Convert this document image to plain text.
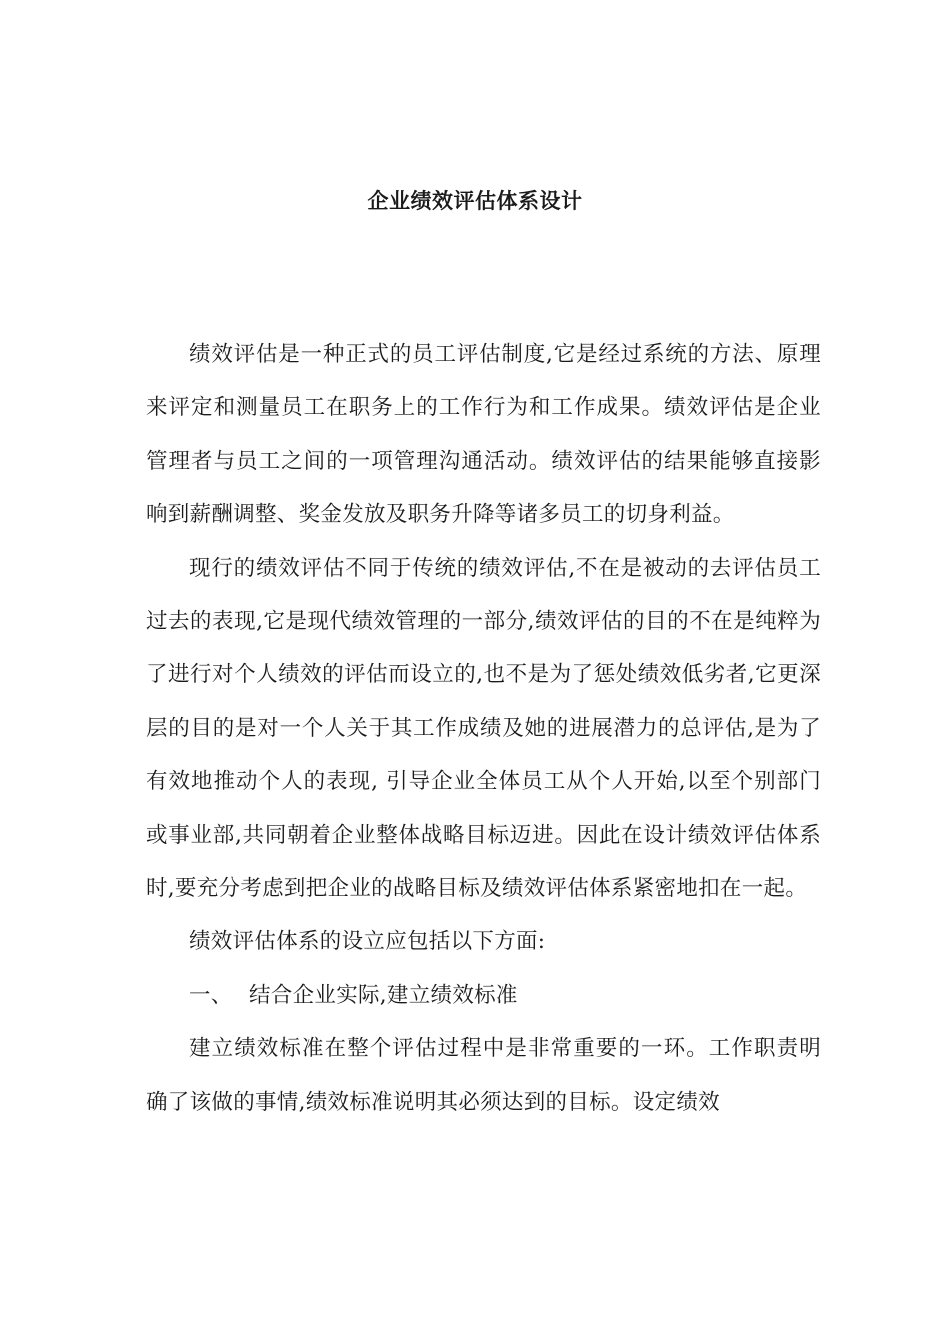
企业绩效评估体系设计

绩效评估是一种正式的员工评估制度,它是经过系统的方法、原理来评定和测量员工在职务上的工作行为和工作成果。绩效评估是企业管理者与员工之间的一项管理沟通活动。绩效评估的结果能够直接影响到薪酬调整、奖金发放及职务升降等诸多员工的切身利益。

现行的绩效评估不同于传统的绩效评估,不在是被动的去评估员工过去的表现,它是现代绩效管理的一部分,绩效评估的目的不在是纯粹为了进行对个人绩效的评估而设立的,也不是为了惩处绩效低劣者,它更深层的目的是对一个人关于其工作成绩及她的进展潜力的总评估,是为了有效地推动个人的表现, 引导企业全体员工从个人开始,以至个别部门或事业部,共同朝着企业整体战略目标迈进。因此在设计绩效评估体系时,要充分考虑到把企业的战略目标及绩效评估体系紧密地扣在一起。

绩效评估体系的设立应包括以下方面:

一、 结合企业实际,建立绩效标准

建立绩效标准在整个评估过程中是非常重要的一环。工作职责明确了该做的事情,绩效标准说明其必须达到的目标。设定绩效
